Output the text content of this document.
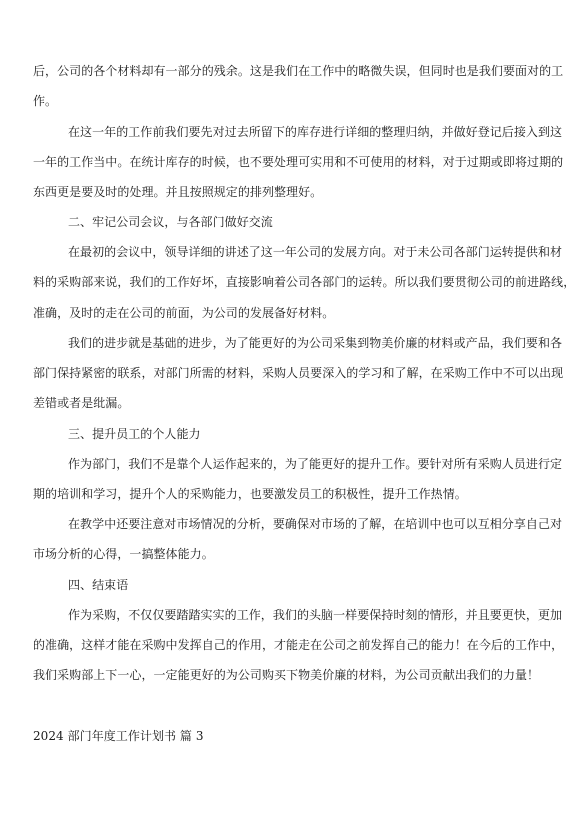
后，公司的各个材料却有一部分的残余。这是我们在工作中的略微失误，但同时也是我们要面对的工
作。
在这一年的工作前我们要先对过去所留下的库存进行详细的整理归纳，并做好登记后接入到这
一年的工作当中。在统计库存的时候，也不要处理可实用和不可使用的材料，对于过期或即将过期的
东西更是要及时的处理。并且按照规定的排列整理好。
二、牢记公司会议，与各部门做好交流
在最初的会议中，领导详细的讲述了这一年公司的发展方向。对于未公司各部门运转提供和材
料的采购部来说，我们的工作好坏，直接影响着公司各部门的运转。所以我们要贯彻公司的前进路线，
准确，及时的走在公司的前面，为公司的发展备好材料。
我们的进步就是基础的进步，为了能更好的为公司采集到物美价廉的材料或产品，我们要和各
部门保持紧密的联系，对部门所需的材料，采购人员要深入的学习和了解，在采购工作中不可以出现
差错或者是纰漏。
三、提升员工的个人能力
作为部门，我们不是靠个人运作起来的，为了能更好的提升工作。要针对所有采购人员进行定
期的培训和学习，提升个人的采购能力，也要激发员工的积极性，提升工作热情。
在教学中还要注意对市场情况的分析，要确保对市场的了解，在培训中也可以互相分享自己对
市场分析的心得，一搞整体能力。
四、结束语
作为采购，不仅仅要踏踏实实的工作，我们的头脑一样要保持时刻的情形，并且要更快，更加
的准确，这样才能在采购中发挥自己的作用，才能走在公司之前发挥自己的能力！在今后的工作中，
我们采购部上下一心，一定能更好的为公司购买下物美价廉的材料，为公司贡献出我们的力量！
2024 部门年度工作计划书 篇 3
